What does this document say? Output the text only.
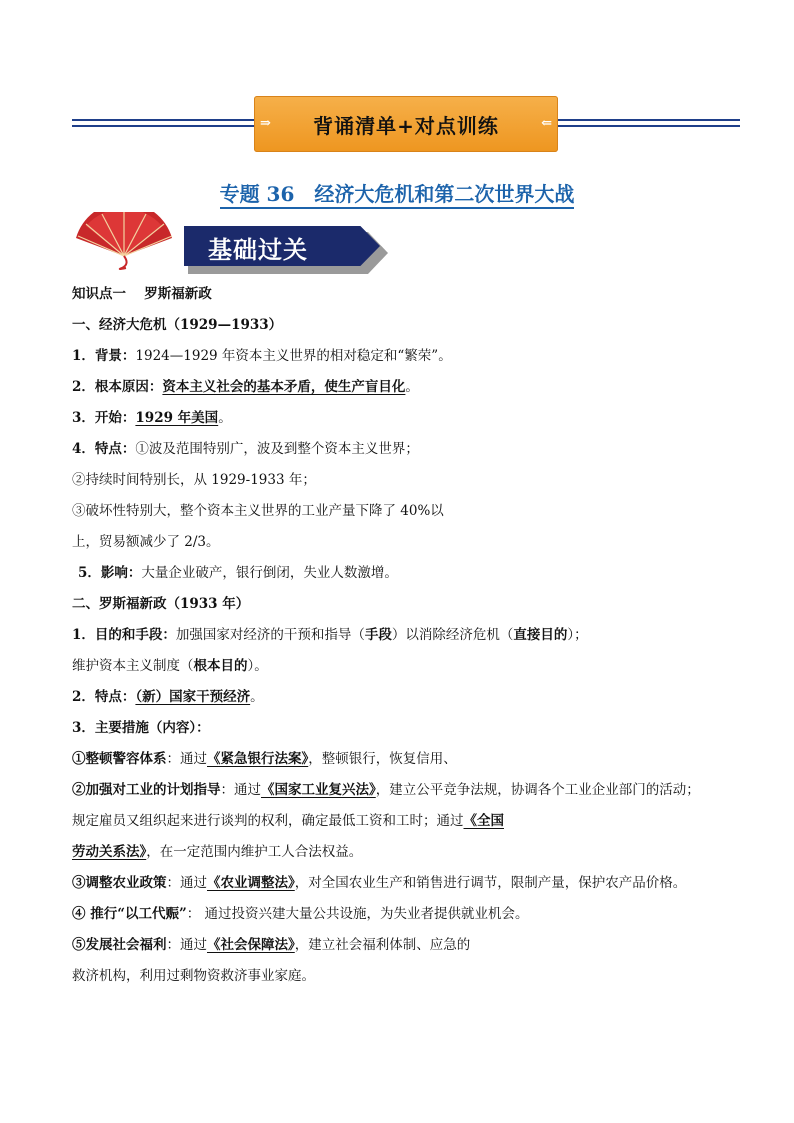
⇒	背诵清单+对点训练	⇐
专题 36　经济大危机和第二次世界大战
基础过关
知识点一　 罗斯福新政
一、经济大危机（1929—1933）
1．背景：1924—1929 年资本主义世界的相对稳定和“繁荣”。
2．根本原因：资本主义社会的基本矛盾，使生产盲目化。
3．开始：1929 年美国。
4．特点：①波及范围特别广，波及到整个资本主义世界；
②持续时间特别长，从 1929-1933 年；
③破坏性特别大，整个资本主义世界的工业产量下降了 40%以
上，贸易额减少了 2/3。
5．影响：大量企业破产，银行倒闭，失业人数激增。
二、罗斯福新政（1933 年）
1．目的和手段：加强国家对经济的干预和指导（手段）以消除经济危机（直接目的）；
维护资本主义制度（根本目的）。
2．特点：（新）国家干预经济。
3．主要措施（内容）：
①整顿警容体系：通过《紧急银行法案》，整顿银行，恢复信用、
②加强对工业的计划指导：通过《国家工业复兴法》，建立公平竞争法规，协调各个工业企业部门的活动；
规定雇员又组织起来进行谈判的权利，确定最低工资和工时；通过《全国
劳动关系法》，在一定范围内维护工人合法权益。
③调整农业政策：通过《农业调整法》，对全国农业生产和销售进行调节，限制产量，保护农产品价格。
④ 推行“以工代赈”： 通过投资兴建大量公共设施，为失业者提供就业机会。
⑤发展社会福利：通过《社会保障法》，建立社会福利体制、应急的
救济机构，利用过剩物资救济事业家庭。
